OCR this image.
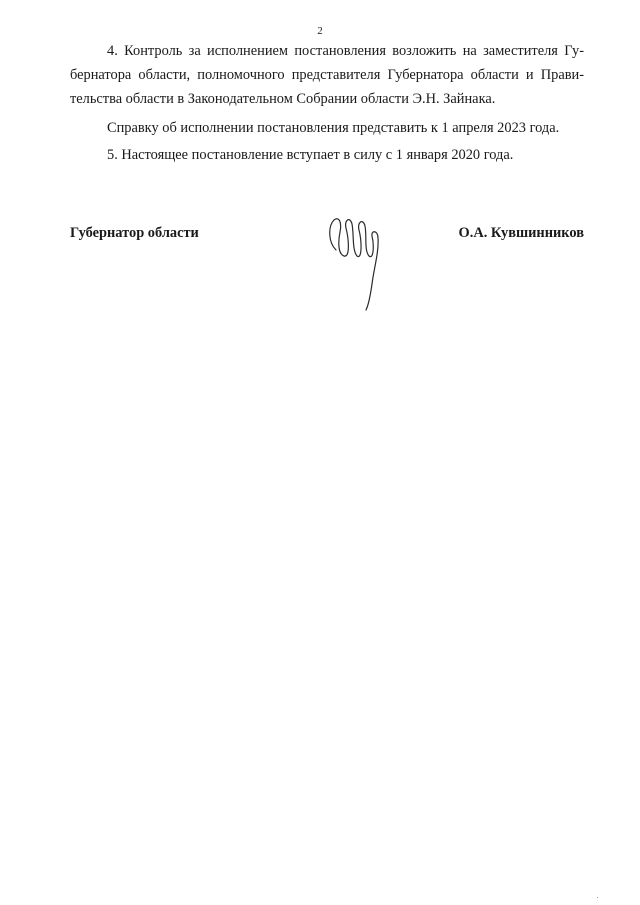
2

4. Контроль за исполнением постановления возложить на заместителя Гу-
бернатора области, полномочного представителя Губернатора области и Прави-
тельства области в Законодательном Собрании области Э.Н. Зайнака.

Справку об исполнении постановления представить к 1 апреля 2023 года.

5. Настоящее постановление вступает в силу с 1 января 2020 года.

Губернатор области	О.А. Кувшинников
